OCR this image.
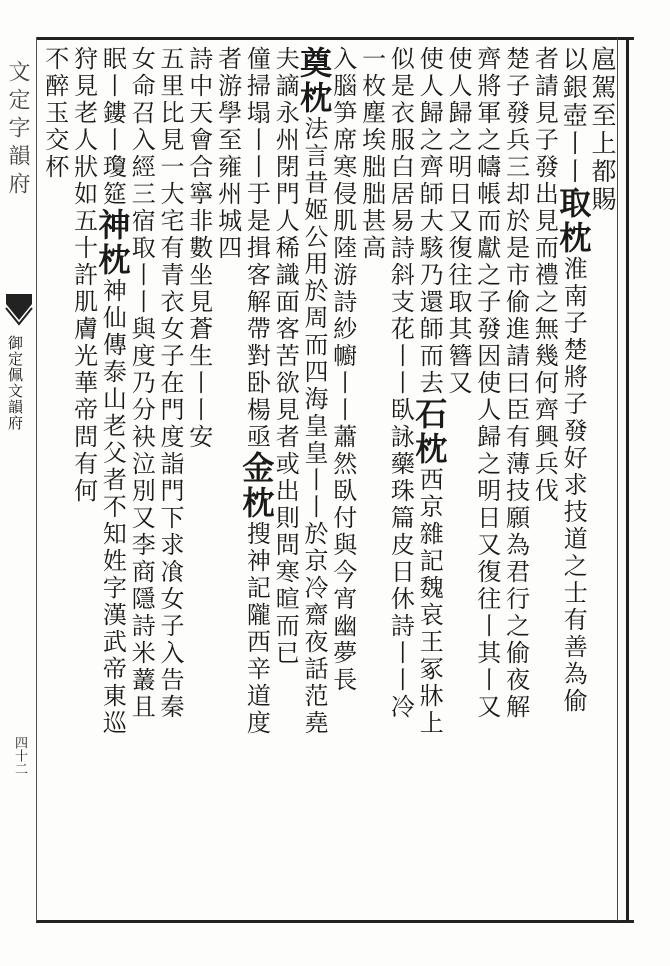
文定字韻府
御定佩文韻府
四十二
扈駕至上都賜
以銀壺丨丨取枕淮南子楚將子發好求技道之士有善為偷
者請見子發出見而禮之無幾何齊興兵伐
楚子發兵三却於是市偷進請曰臣有薄技願為君行之偷夜解
齊將軍之幬帳而獻之子發因使人歸之明日又復往丨其丨又
使人歸之明日又復往取其簪又
使人歸之齊師大駭乃還師而去石枕西京雜記魏哀王冢牀上
似是衣服白居易詩斜支花丨丨臥詠藥珠篇皮日休詩丨丨冷
一枚塵埃朏朏甚高
入腦笋席寒侵肌陸游詩紗幮丨丨蕭然臥付與今宵幽夢長
奠枕法言昔姬公用於周而四海皇皇丨丨於京冷齋夜話范堯
夫謫永州閉門人稀識面客苦欲見者或出則問寒暄而已
僮掃塌丨丨于是揖客解帶對卧楊亟金枕搜神記隴西辛道度
者游學至雍州城四
詩中天會合寧非數坐見蒼生丨丨安
五里比見一大宅有青衣女子在門度詣門下求飡女子入告秦
女命召入經三宿取丨丨與度乃分袂泣別又李商隱詩米䕺且
眠丨鏤丨瓊筵神枕神仙傳泰山老父者不知姓字漢武帝東巡
狩見老人狀如五十許肌膚光華帝問有何
不醉玉交杯
